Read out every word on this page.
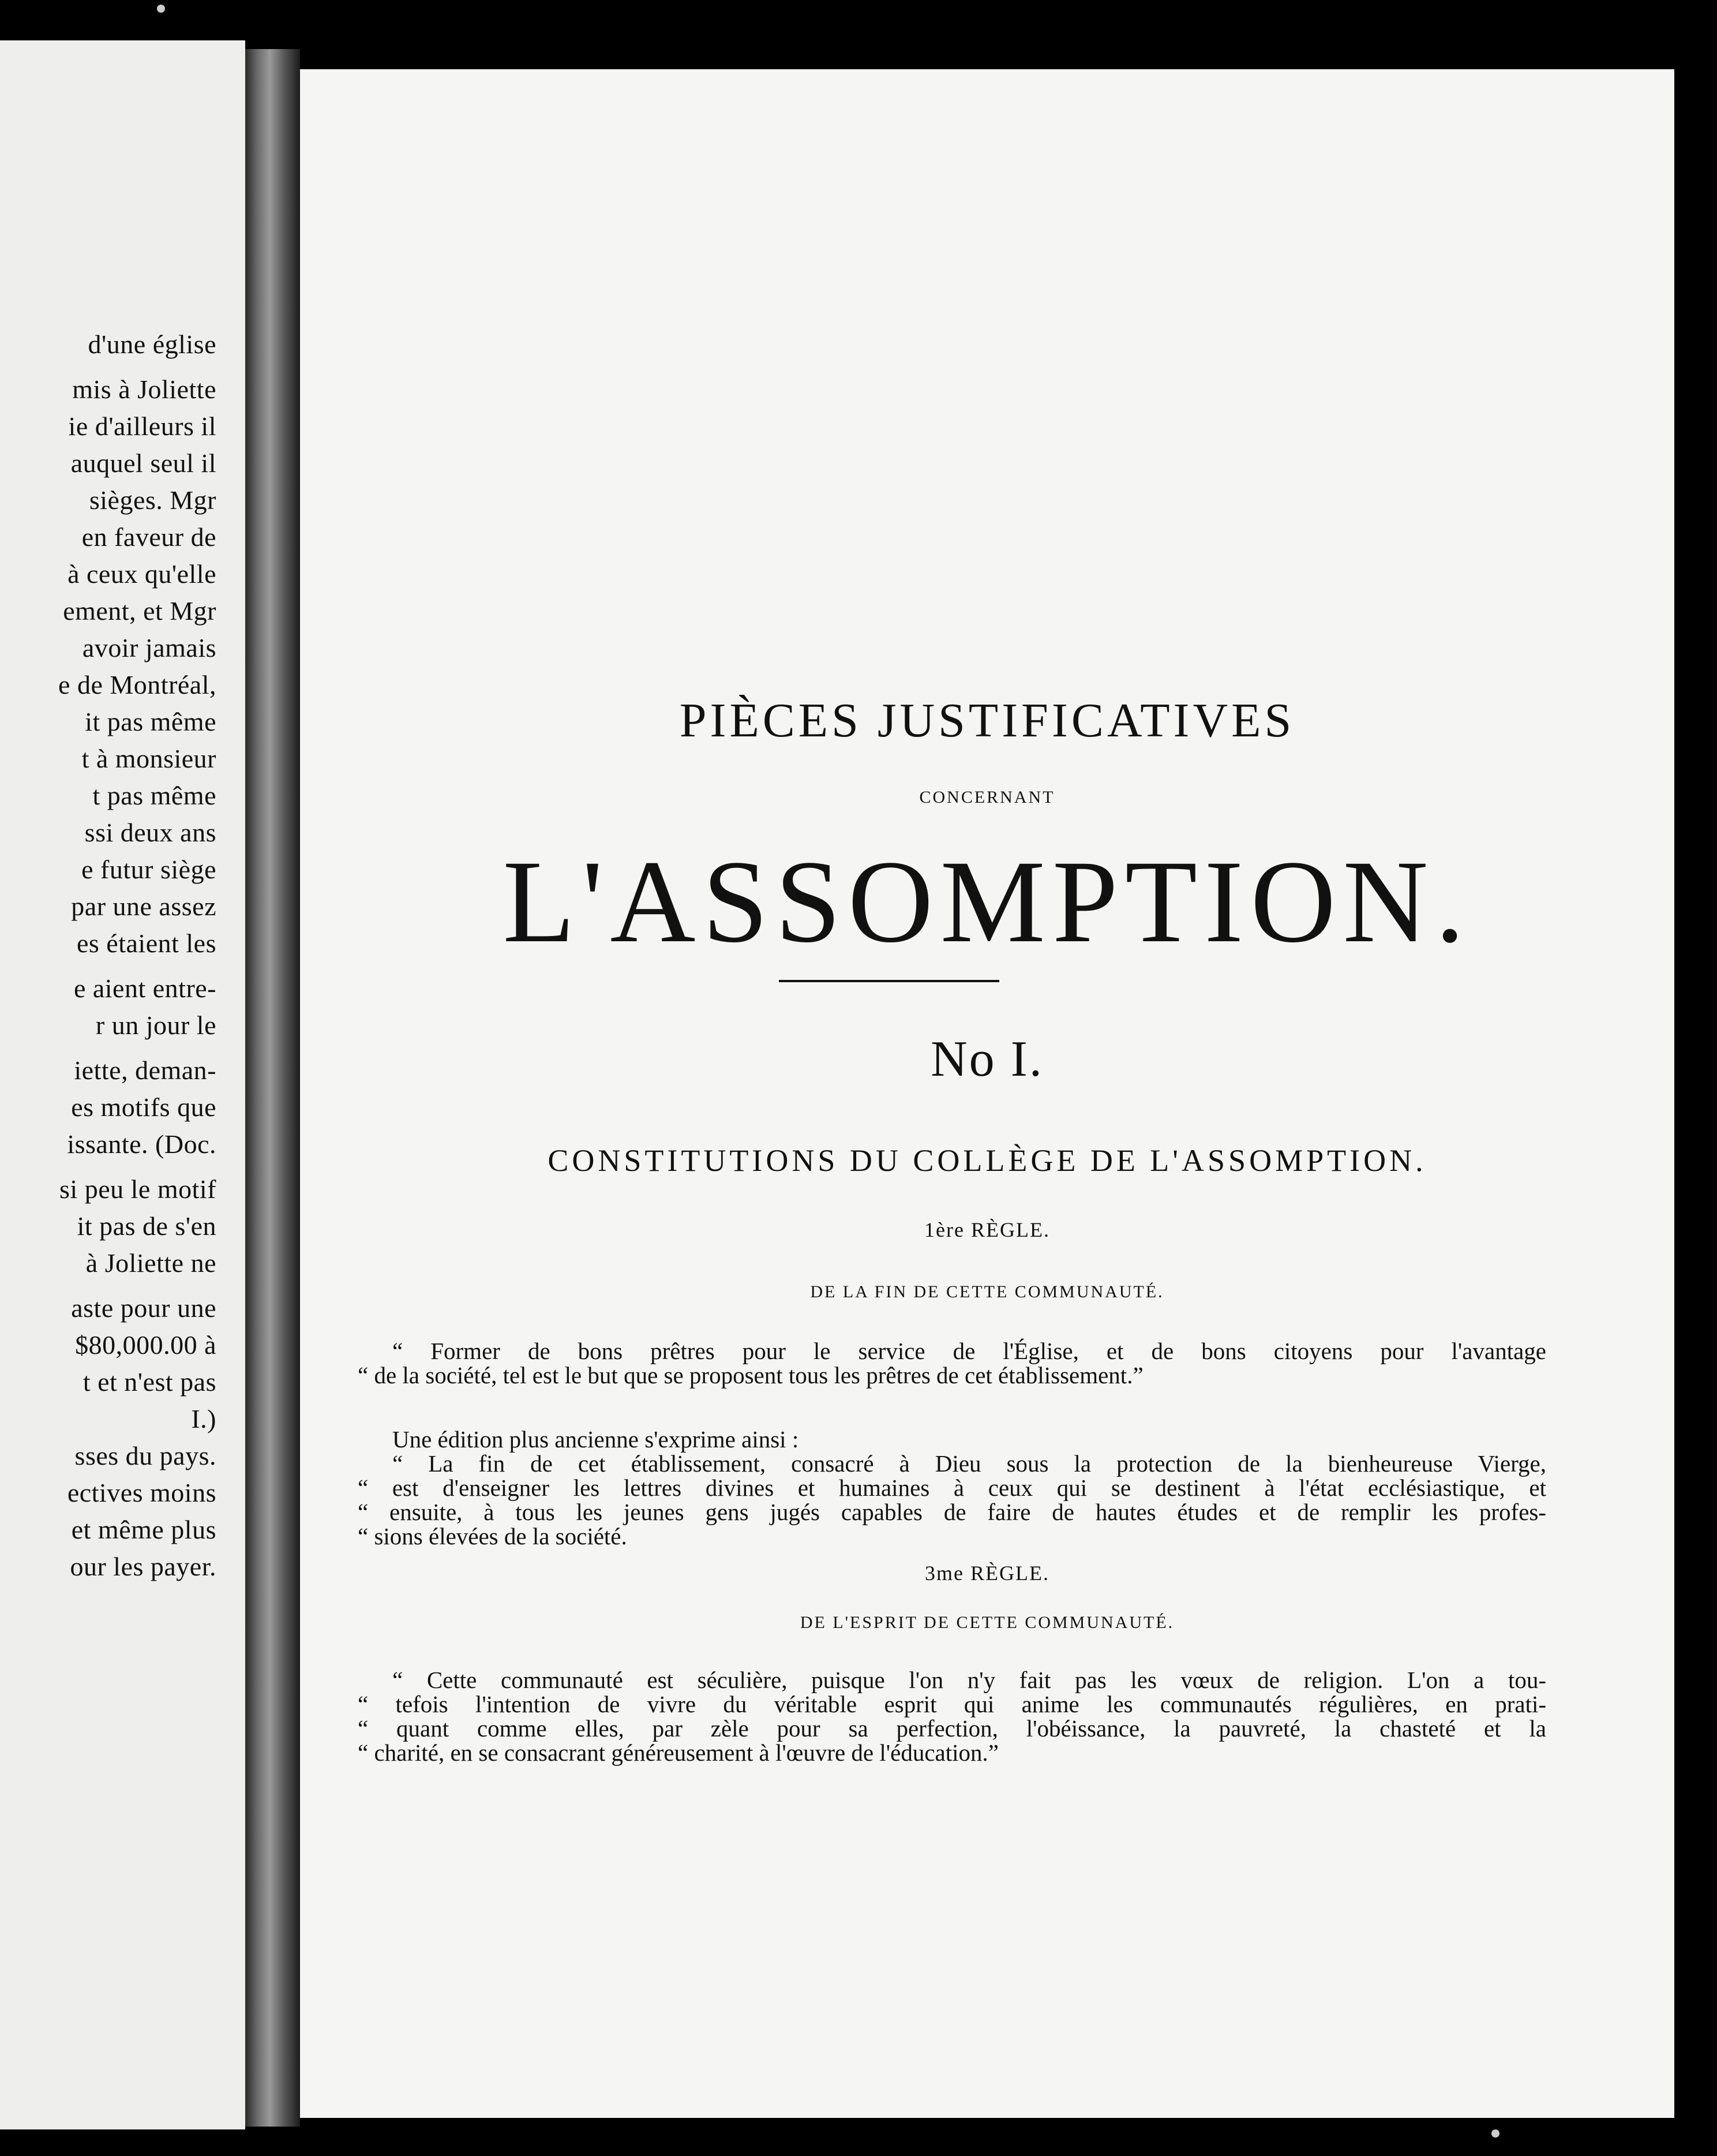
d'une église
mis à Joliette
ie d'ailleurs il
auquel seul il
sièges. Mgr
en faveur de
à ceux qu'elle
ement, et Mgr
avoir jamais
e de Montréal,
it pas même
t à monsieur
t pas même
ssi deux ans
e futur siège
par une assez
es étaient les
e aient entre-
r un jour le
iette, deman-
es motifs que
issante. (Doc.
si peu le motif
it pas de s'en
à Joliette ne
aste pour une
$80,000.00 à
t et n'est pas
I.)
sses du pays.
ectives moins
et même plus
our les payer.
PIÈCES JUSTIFICATIVES
CONCERNANT
L'ASSOMPTION.
No I.
CONSTITUTIONS DU COLLÈGE DE L'ASSOMPTION.
1ère RÈGLE.
DE LA FIN DE CETTE COMMUNAUTÉ.
“ Former de bons prêtres pour le service de l'Église, et de bons citoyens pour l'avantage
“ de la société, tel est le but que se proposent tous les prêtres de cet établissement.”
Une édition plus ancienne s'exprime ainsi :
“ La fin de cet établissement, consacré à Dieu sous la protection de la bienheureuse Vierge,
“ est d'enseigner les lettres divines et humaines à ceux qui se destinent à l'état ecclésiastique, et
“ ensuite, à tous les jeunes gens jugés capables de faire de hautes études et de remplir les profes-
“ sions élevées de la société.
3me RÈGLE.
DE L'ESPRIT DE CETTE COMMUNAUTÉ.
“ Cette communauté est séculière, puisque l'on n'y fait pas les vœux de religion. L'on a tou-
“ tefois l'intention de vivre du véritable esprit qui anime les communautés régulières, en prati-
“ quant comme elles, par zèle pour sa perfection, l'obéissance, la pauvreté, la chasteté et la
“ charité, en se consacrant généreusement à l'œuvre de l'éducation.”
